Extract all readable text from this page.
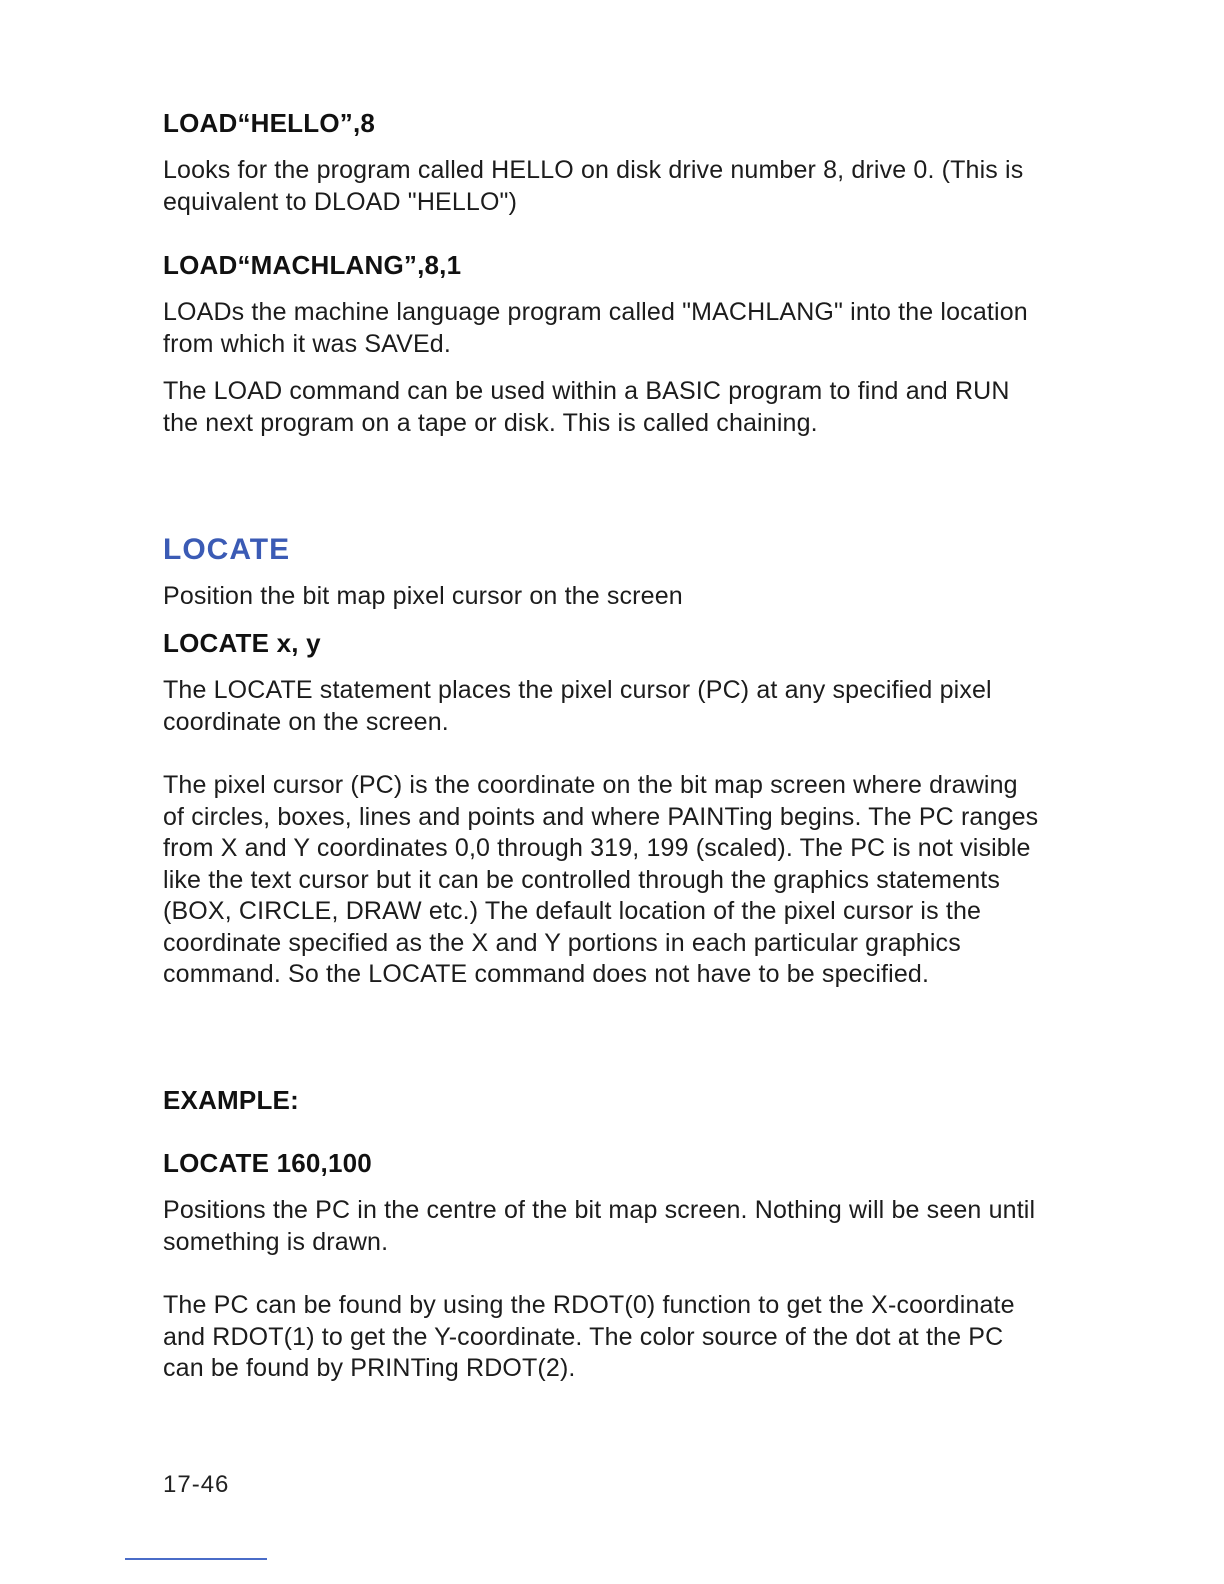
LOAD“HELLO”,8

Looks for the program called HELLO on disk drive number 8, drive 0. (This is equivalent to DLOAD "HELLO")

LOAD“MACHLANG”,8,1

LOADs the machine language program called "MACHLANG" into the location from which it was SAVEd.

The LOAD command can be used within a BASIC program to find and RUN the next program on a tape or disk. This is called chaining.

LOCATE

Position the bit map pixel cursor on the screen

LOCATE x, y

The LOCATE statement places the pixel cursor (PC) at any specified pixel coordinate on the screen.

The pixel cursor (PC) is the coordinate on the bit map screen where drawing of circles, boxes, lines and points and where PAINTing begins. The PC ranges from X and Y coordinates 0,0 through 319, 199 (scaled). The PC is not visible like the text cursor but it can be controlled through the graphics statements (BOX, CIRCLE, DRAW etc.) The default location of the pixel cursor is the coordinate specified as the X and Y portions in each particular graphics command. So the LOCATE command does not have to be specified.

EXAMPLE:

LOCATE 160,100

Positions the PC in the centre of the bit map screen. Nothing will be seen until something is drawn.

The PC can be found by using the RDOT(0) function to get the X-coordinate and RDOT(1) to get the Y-coordinate. The color source of the dot at the PC can be found by PRINTing RDOT(2).

17-46
